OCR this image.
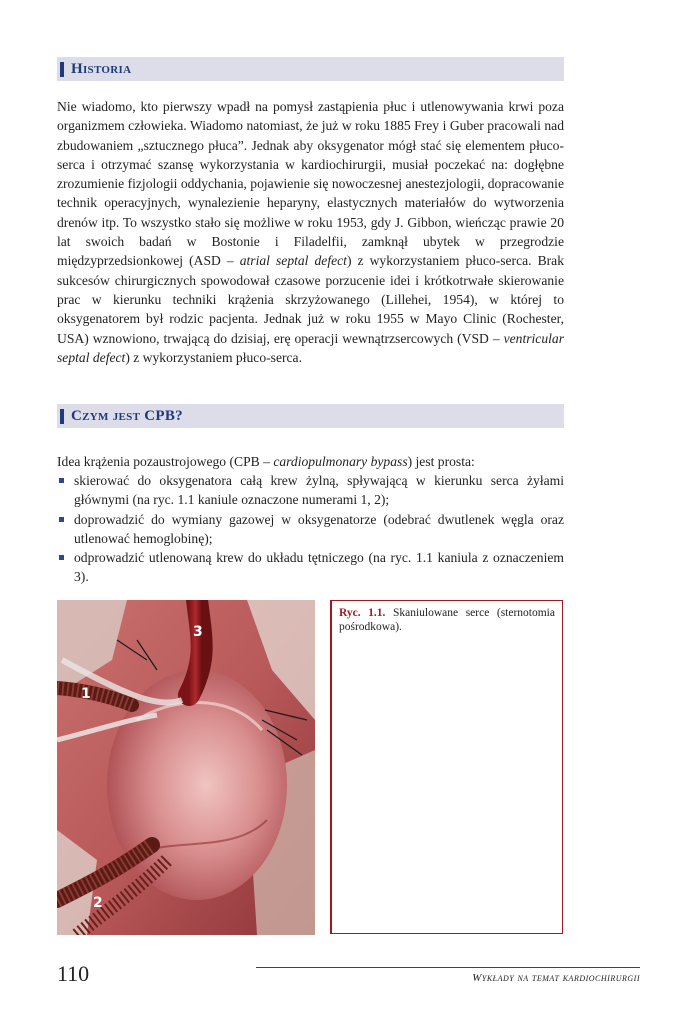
Historia

Nie wiadomo, kto pierwszy wpadł na pomysł zastąpienia płuc i utlenowywania krwi poza organizmem człowieka. Wiadomo natomiast, że już w roku 1885 Frey i Guber pracowali nad zbudowaniem „sztucznego płuca”. Jednak aby oksygenator mógł stać się elementem płuco-serca i otrzymać szansę wykorzystania w kardiochirurgii, musiał poczekać na: dogłębne zrozumienie fizjologii oddychania, pojawienie się nowoczesnej anestezjologii, dopracowanie technik operacyjnych, wynalezienie heparyny, elastycznych materiałów do wytworzenia drenów itp. To wszystko stało się możliwe w roku 1953, gdy J. Gibbon, wieńcząc prawie 20 lat swoich badań w Bostonie i Filadelfii, zamknął ubytek w przegrodzie międzyprzedsionkowej (ASD – atrial septal defect) z wykorzystaniem płuco-serca. Brak sukcesów chirurgicznych spowodował czasowe porzucenie idei i krótkotrwałe skierowanie prac w kierunku techniki krążenia skrzyżowanego (Lillehei, 1954), w której to oksygenatorem był rodzic pacjenta. Jednak już w roku 1955 w Mayo Clinic (Rochester, USA) wznowiono, trwającą do dzisiaj, erę operacji wewnątrzsercowych (VSD – ventricular septal defect) z wykorzystaniem płuco-serca.

Czym jest CPB?

Idea krążenia pozaustrojowego (CPB – cardiopulmonary bypass) jest prosta:

skierować do oksygenatora całą krew żylną, spływającą w kierunku serca żyłami głównymi (na ryc. 1.1 kaniule oznaczone numerami 1, 2);
doprowadzić do wymiany gazowej w oksygenatorze (odebrać dwutlenek węgla oraz utlenować hemoglobinę);
odprowadzić utlenowaną krew do układu tętniczego (na ryc. 1.1 kaniula z oznaczeniem 3).
3
1
2

Ryc. 1.1. Skaniulowane serce (sternotomia pośrodkowa).

110	Wykłady na temat kardiochirurgii
